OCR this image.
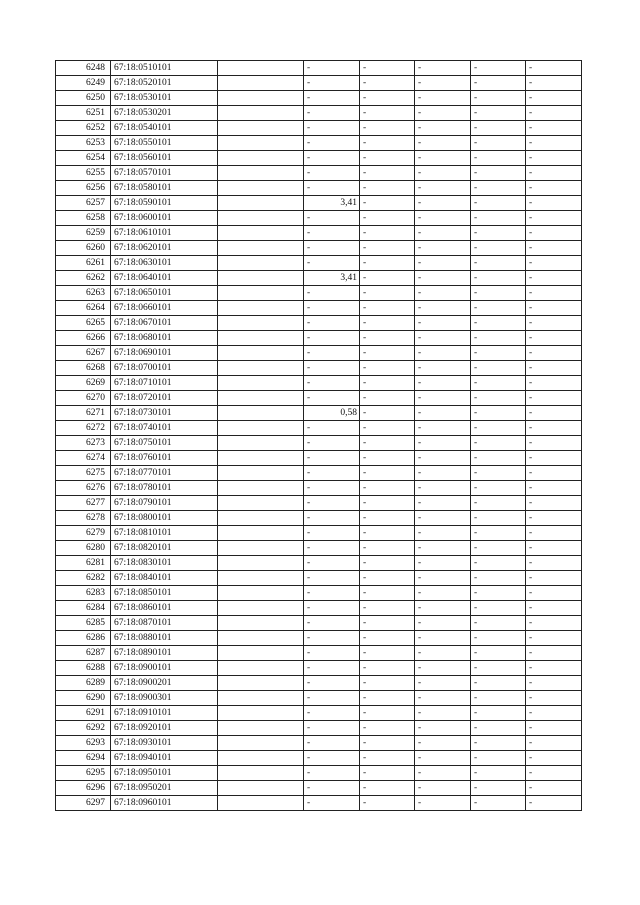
6248	67:18:0510101		-	-	-	-	-
6249	67:18:0520101		-	-	-	-	-
6250	67:18:0530101		-	-	-	-	-
6251	67:18:0530201		-	-	-	-	-
6252	67:18:0540101		-	-	-	-	-
6253	67:18:0550101		-	-	-	-	-
6254	67:18:0560101		-	-	-	-	-
6255	67:18:0570101		-	-	-	-	-
6256	67:18:0580101		-	-	-	-	-
6257	67:18:0590101		3,41	-	-	-	-
6258	67:18:0600101		-	-	-	-	-
6259	67:18:0610101		-	-	-	-	-
6260	67:18:0620101		-	-	-	-	-
6261	67:18:0630101		-	-	-	-	-
6262	67:18:0640101		3,41	-	-	-	-
6263	67:18:0650101		-	-	-	-	-
6264	67:18:0660101		-	-	-	-	-
6265	67:18:0670101		-	-	-	-	-
6266	67:18:0680101		-	-	-	-	-
6267	67:18:0690101		-	-	-	-	-
6268	67:18:0700101		-	-	-	-	-
6269	67:18:0710101		-	-	-	-	-
6270	67:18:0720101		-	-	-	-	-
6271	67:18:0730101		0,58	-	-	-	-
6272	67:18:0740101		-	-	-	-	-
6273	67:18:0750101		-	-	-	-	-
6274	67:18:0760101		-	-	-	-	-
6275	67:18:0770101		-	-	-	-	-
6276	67:18:0780101		-	-	-	-	-
6277	67:18:0790101		-	-	-	-	-
6278	67:18:0800101		-	-	-	-	-
6279	67:18:0810101		-	-	-	-	-
6280	67:18:0820101		-	-	-	-	-
6281	67:18:0830101		-	-	-	-	-
6282	67:18:0840101		-	-	-	-	-
6283	67:18:0850101		-	-	-	-	-
6284	67:18:0860101		-	-	-	-	-
6285	67:18:0870101		-	-	-	-	-
6286	67:18:0880101		-	-	-	-	-
6287	67:18:0890101		-	-	-	-	-
6288	67:18:0900101		-	-	-	-	-
6289	67:18:0900201		-	-	-	-	-
6290	67:18:0900301		-	-	-	-	-
6291	67:18:0910101		-	-	-	-	-
6292	67:18:0920101		-	-	-	-	-
6293	67:18:0930101		-	-	-	-	-
6294	67:18:0940101		-	-	-	-	-
6295	67:18:0950101		-	-	-	-	-
6296	67:18:0950201		-	-	-	-	-
6297	67:18:0960101		-	-	-	-	-
